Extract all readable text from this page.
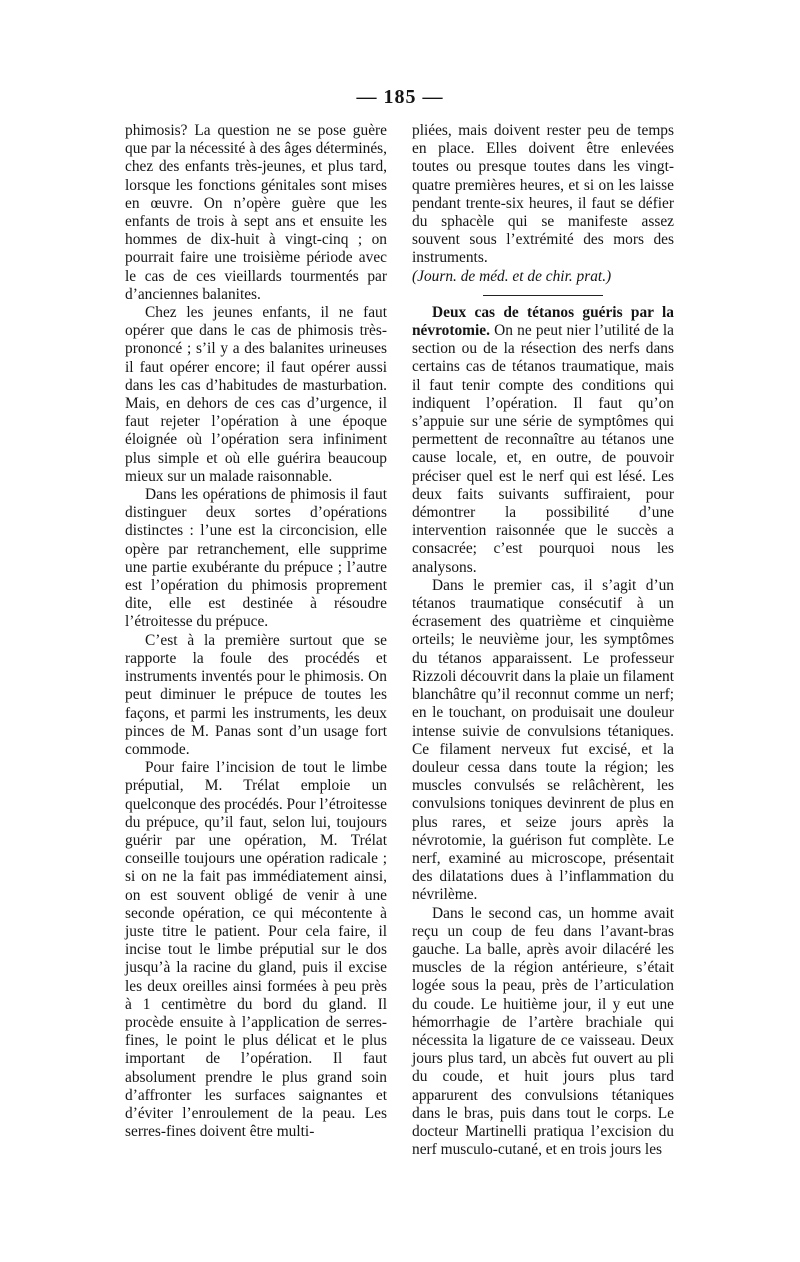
— 185 —

phimosis? La question ne se pose guère que par la nécessité à des âges déterminés, chez des enfants très-jeunes, et plus tard, lorsque les fonctions génitales sont mises en œuvre. On n’opère guère que les enfants de trois à sept ans et ensuite les hommes de dix-huit à vingt-cinq ; on pourrait faire une troisième période avec le cas de ces vieillards tourmentés par d’anciennes balanites.

Chez les jeunes enfants, il ne faut opérer que dans le cas de phimosis très-prononcé ; s’il y a des balanites urineuses il faut opérer encore; il faut opérer aussi dans les cas d’habitudes de masturbation. Mais, en dehors de ces cas d’urgence, il faut rejeter l’opération à une époque éloignée où l’opération sera infiniment plus simple et où elle guérira beaucoup mieux sur un malade raisonnable.

Dans les opérations de phimosis il faut distinguer deux sortes d’opérations distinctes : l’une est la circoncision, elle opère par retranchement, elle supprime une partie exubérante du prépuce ; l’autre est l’opération du phimosis proprement dite, elle est destinée à résoudre l’étroitesse du prépuce.

C’est à la première surtout que se rapporte la foule des procédés et instruments inventés pour le phimosis. On peut diminuer le prépuce de toutes les façons, et parmi les instruments, les deux pinces de M. Panas sont d’un usage fort commode.

Pour faire l’incision de tout le limbe préputial, M. Trélat emploie un quelconque des procédés. Pour l’étroitesse du prépuce, qu’il faut, selon lui, toujours guérir par une opération, M. Trélat conseille toujours une opération radicale ; si on ne la fait pas immédiatement ainsi, on est souvent obligé de venir à une seconde opération, ce qui mécontente à juste titre le patient. Pour cela faire, il incise tout le limbe préputial sur le dos jusqu’à la racine du gland, puis il excise les deux oreilles ainsi formées à peu près à 1 centimètre du bord du gland. Il procède ensuite à l’application de serres-fines, le point le plus délicat et le plus important de l’opération. Il faut absolument prendre le plus grand soin d’affronter les surfaces saignantes et d’éviter l’enroulement de la peau. Les serres-fines doivent être multi-

pliées, mais doivent rester peu de temps en place. Elles doivent être enlevées toutes ou presque toutes dans les vingt-quatre premières heures, et si on les laisse pendant trente-six heures, il faut se défier du sphacèle qui se manifeste assez souvent sous l’extrémité des mors des instruments.

(Journ. de méd. et de chir. prat.)

Deux cas de tétanos guéris par la névrotomie. On ne peut nier l’utilité de la section ou de la résection des nerfs dans certains cas de tétanos traumatique, mais il faut tenir compte des conditions qui indiquent l’opération. Il faut qu’on s’appuie sur une série de symptômes qui permettent de reconnaître au tétanos une cause locale, et, en outre, de pouvoir préciser quel est le nerf qui est lésé. Les deux faits suivants suffiraient, pour démontrer la possibilité d’une intervention raisonnée que le succès a consacrée; c’est pourquoi nous les analysons.

Dans le premier cas, il s’agit d’un tétanos traumatique consécutif à un écrasement des quatrième et cinquième orteils; le neuvième jour, les symptômes du tétanos apparaissent. Le professeur Rizzoli découvrit dans la plaie un filament blanchâtre qu’il reconnut comme un nerf; en le touchant, on produisait une douleur intense suivie de convulsions tétaniques. Ce filament nerveux fut excisé, et la douleur cessa dans toute la région; les muscles convulsés se relâchèrent, les convulsions toniques devinrent de plus en plus rares, et seize jours après la névrotomie, la guérison fut complète. Le nerf, examiné au microscope, présentait des dilatations dues à l’inflammation du névrilème.

Dans le second cas, un homme avait reçu un coup de feu dans l’avant-bras gauche. La balle, après avoir dilacéré les muscles de la région antérieure, s’était logée sous la peau, près de l’articulation du coude. Le huitième jour, il y eut une hémorrhagie de l’artère brachiale qui nécessita la ligature de ce vaisseau. Deux jours plus tard, un abcès fut ouvert au pli du coude, et huit jours plus tard apparurent des convulsions tétaniques dans le bras, puis dans tout le corps. Le docteur Martinelli pratiqua l’excision du nerf musculo-cutané, et en trois jours les
